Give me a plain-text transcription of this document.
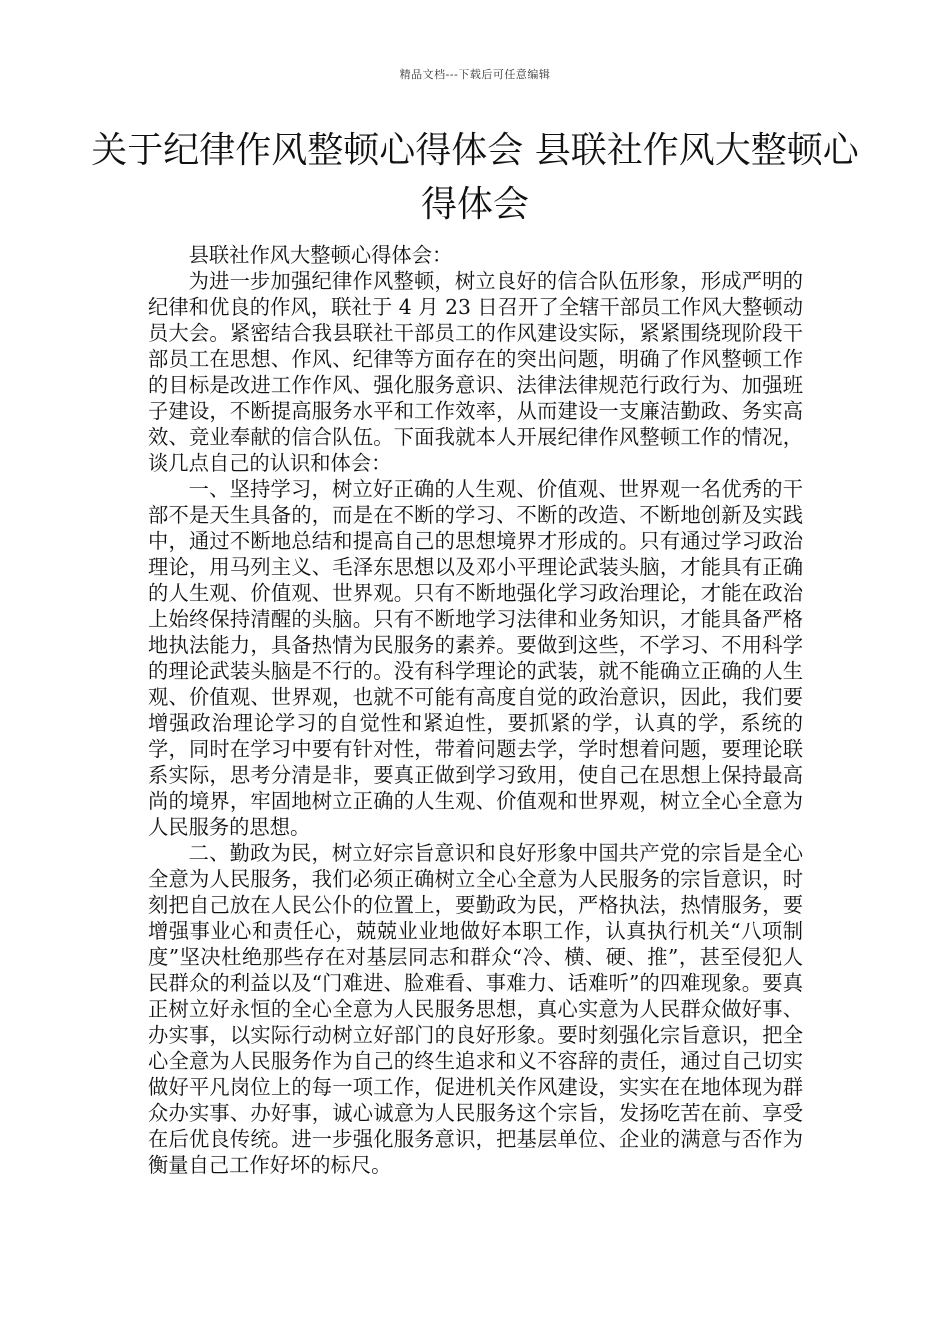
精品文档---下载后可任意编辑
关于纪律作风整顿心得体会 县联社作风大整顿心得体会

县联社作风大整顿心得体会：

为进一步加强纪律作风整顿，树立良好的信合队伍形象，形成严明的纪律和优良的作风，联社于 4 月 23 日召开了全辖干部员工作风大整顿动员大会。紧密结合我县联社干部员工的作风建设实际，紧紧围绕现阶段干部员工在思想、作风、纪律等方面存在的突出问题，明确了作风整顿工作的目标是改进工作作风、强化服务意识、法律法律规范行政行为、加强班子建设，不断提高服务水平和工作效率，从而建设一支廉洁勤政、务实高效、竞业奉献的信合队伍。下面我就本人开展纪律作风整顿工作的情况，谈几点自己的认识和体会：

一、坚持学习，树立好正确的人生观、价值观、世界观一名优秀的干部不是天生具备的，而是在不断的学习、不断的改造、不断地创新及实践中，通过不断地总结和提高自己的思想境界才形成的。只有通过学习政治理论，用马列主义、毛泽东思想以及邓小平理论武装头脑，才能具有正确的人生观、价值观、世界观。只有不断地强化学习政治理论，才能在政治上始终保持清醒的头脑。只有不断地学习法律和业务知识，才能具备严格地执法能力，具备热情为民服务的素养。要做到这些，不学习、不用科学的理论武装头脑是不行的。没有科学理论的武装，就不能确立正确的人生观、价值观、世界观，也就不可能有高度自觉的政治意识，因此，我们要增强政治理论学习的自觉性和紧迫性，要抓紧的学，认真的学，系统的学，同时在学习中要有针对性，带着问题去学，学时想着问题，要理论联系实际，思考分清是非，要真正做到学习致用，使自己在思想上保持最高尚的境界，牢固地树立正确的人生观、价值观和世界观，树立全心全意为人民服务的思想。

二、勤政为民，树立好宗旨意识和良好形象中国共产党的宗旨是全心全意为人民服务，我们必须正确树立全心全意为人民服务的宗旨意识，时刻把自己放在人民公仆的位置上，要勤政为民，严格执法，热情服务，要增强事业心和责任心，兢兢业业地做好本职工作，认真执行机关“八项制度”坚决杜绝那些存在对基层同志和群众“冷、横、硬、推”，甚至侵犯人民群众的利益以及“门难进、脸难看、事难力、话难听”的四难现象。要真正树立好永恒的全心全意为人民服务思想，真心实意为人民群众做好事、办实事，以实际行动树立好部门的良好形象。要时刻强化宗旨意识，把全心全意为人民服务作为自己的终生追求和义不容辞的责任，通过自己切实做好平凡岗位上的每一项工作，促进机关作风建设，实实在在地体现为群众办实事、办好事，诚心诚意为人民服务这个宗旨，发扬吃苦在前、享受在后优良传统。进一步强化服务意识，把基层单位、企业的满意与否作为衡量自己工作好坏的标尺。
